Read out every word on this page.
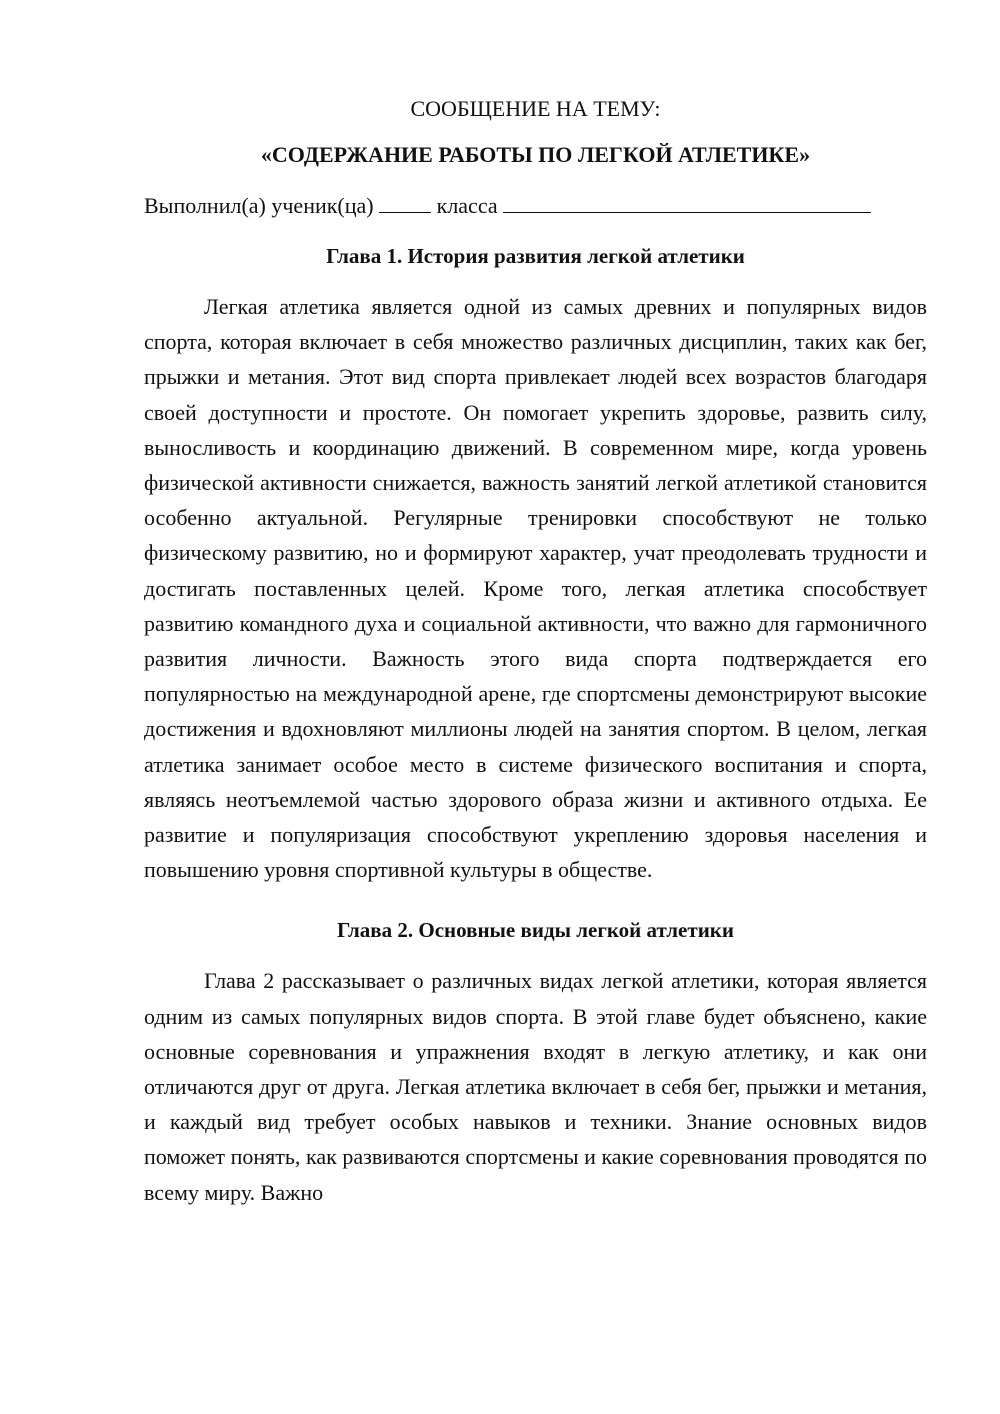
СООБЩЕНИЕ НА ТЕМУ:
«СОДЕРЖАНИЕ РАБОТЫ ПО ЛЕГКОЙ АТЛЕТИКЕ»
Выполнил(а) ученик(ца)	класса
Глава 1. История развития легкой атлетики

Легкая атлетика является одной из самых древних и популярных видов спорта, которая включает в себя множество различных дисциплин, таких как бег, прыжки и метания. Этот вид спорта привлекает людей всех возрастов благодаря своей доступности и простоте. Он помогает укрепить здоровье, развить силу, выносливость и координацию движений. В современном мире, когда уровень физической активности снижается, важность занятий легкой атлетикой становится особенно актуальной. Регулярные тренировки способствуют не только физическому развитию, но и формируют характер, учат преодолевать трудности и достигать поставленных целей. Кроме того, легкая атлетика способствует развитию командного духа и социальной активности, что важно для гармоничного развития личности. Важность этого вида спорта подтверждается его популярностью на международной арене, где спортсмены демонстрируют высокие достижения и вдохновляют миллионы людей на занятия спортом. В целом, легкая атлетика занимает особое место в системе физического воспитания и спорта, являясь неотъемлемой частью здорового образа жизни и активного отдыха. Ее развитие и популяризация способствуют укреплению здоровья населения и повышению уровня спортивной культуры в обществе.

Глава 2. Основные виды легкой атлетики

Глава 2 рассказывает о различных видах легкой атлетики, которая является одним из самых популярных видов спорта. В этой главе будет объяснено, какие основные соревнования и упражнения входят в легкую атлетику, и как они отличаются друг от друга. Легкая атлетика включает в себя бег, прыжки и метания, и каждый вид требует особых навыков и техники. Знание основных видов поможет понять, как развиваются спортсмены и какие соревнования проводятся по всему миру. Важно
